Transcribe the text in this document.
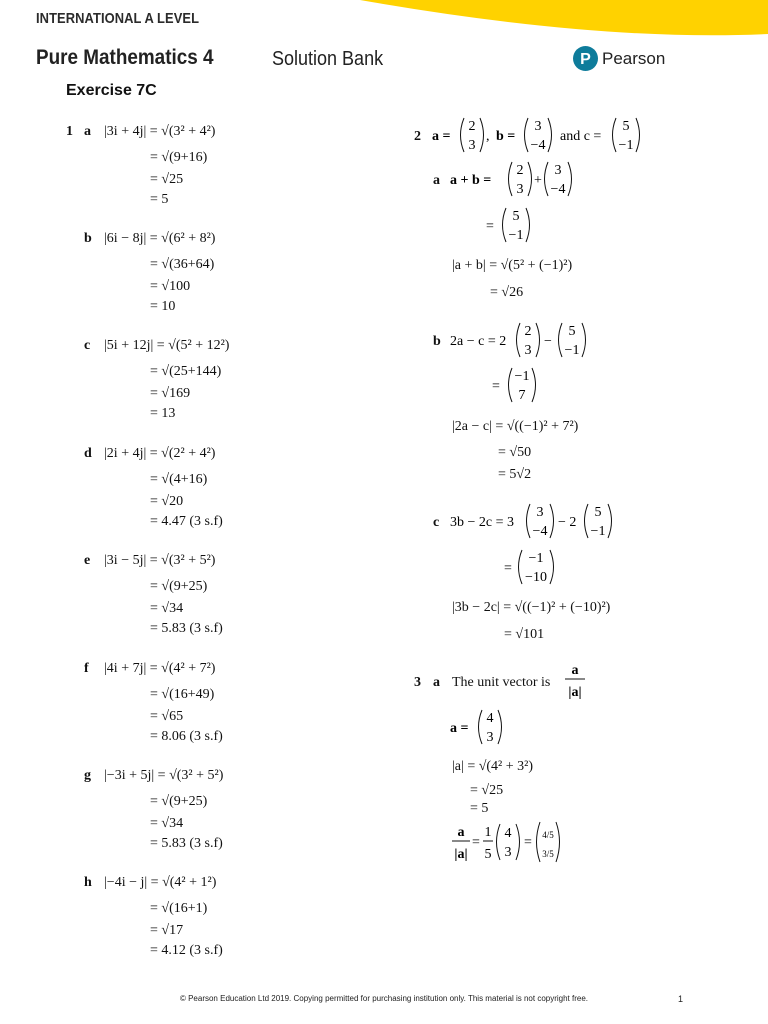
INTERNATIONAL A LEVEL
Pure Mathematics 4	Solution Bank	P Pearson
Exercise 7C
1 a |3i + 4j| = √(3² + 4²)
= √(9+16)
= √25
= 5
b |6i − 8j| = √(6² + 8²)
= √(36+64)
= √100
= 10
c |5i + 12j| = √(5² + 12²)
= √(25+144)
= √169
= 13
d |2i + 4j| = √(2² + 4²)
= √(4+16)
= √20
= 4.47 (3 s.f)
e |3i − 5j| = √(3² + 5²)
= √(9+25)
= √34
= 5.83 (3 s.f)
f |4i + 7j| = √(4² + 7²)
= √(16+49)
= √65
= 8.06 (3 s.f)
g |−3i + 5j| = √(3² + 5²)
= √(9+25)
= √34
= 5.83 (3 s.f)
h |−4i − j| = √(4² + 1²)
= √(16+1)
= √17
= 4.12 (3 s.f)
2 a =
2
3
, b =
3
−4
and c =
5
−1
a a + b =
2
3
+
3
−4
=
5
−1
|a + b| = √(5² + (−1)²)
= √26
b 2a − c = 2
2
3
−
5
−1
=
−1
7
|2a − c| = √((−1)² + 7²)
= √50
= 5√2
c 3b − 2c = 3
3
−4
− 2
5
−1
=
−1
−10
|3b − 2c| = √((−1)² + (−10)²)
= √101
3 a The unit vector is
a
|a|
a =
4
3
|a| = √(4² + 3²)
= √25
= 5
a
|a|
=
1
5
4
3
= 4/5
3/5
© Pearson Education Ltd 2019. Copying permitted for purchasing institution only. This material is not copyright free.	1
